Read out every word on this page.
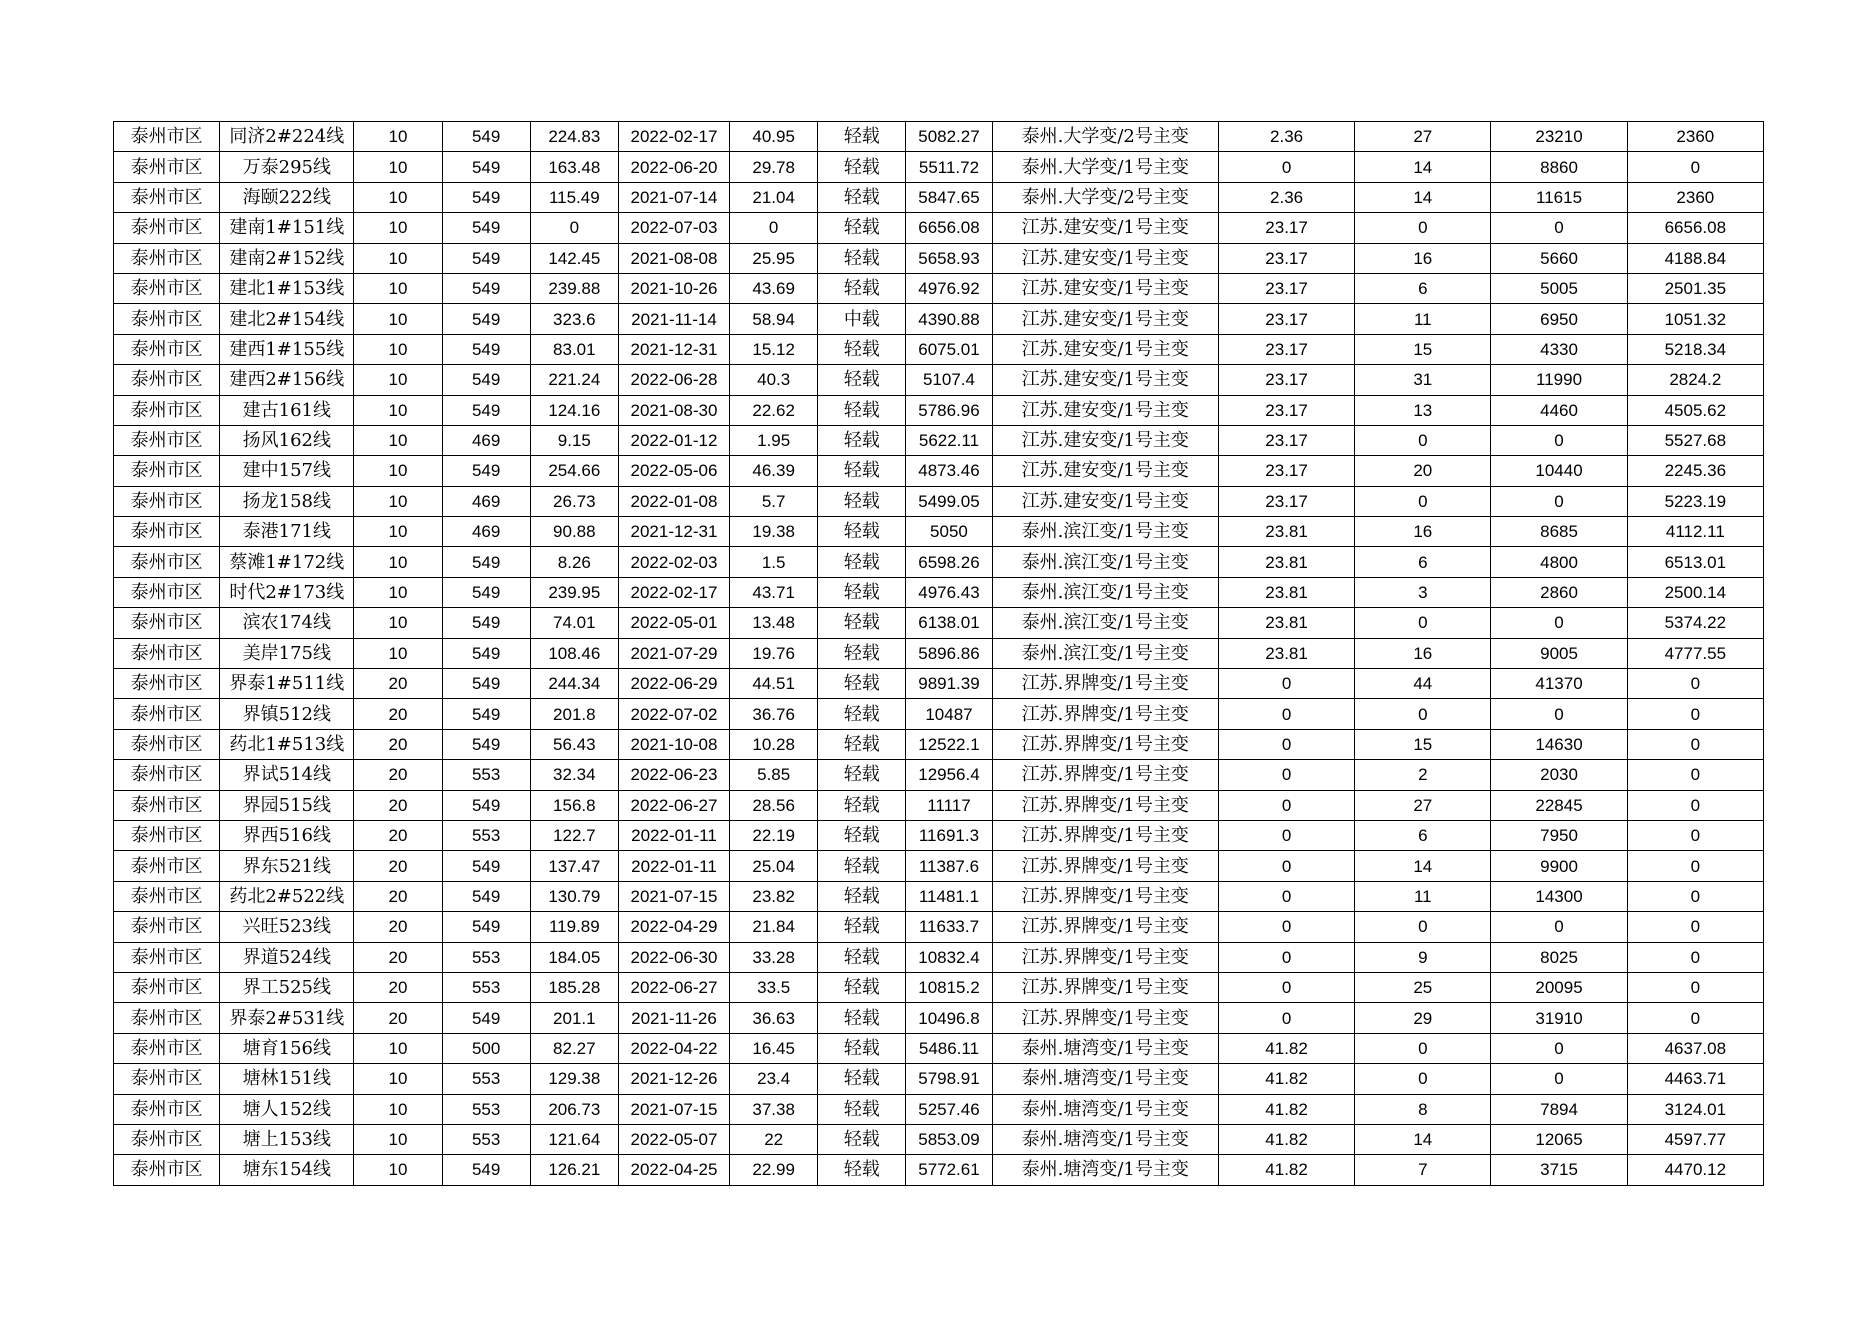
泰州市区	同济2#224线	10	549	224.83	2022-02-17	40.95	轻载	5082.27	泰州.大学变/2号主变	2.36	27	23210	2360
泰州市区	万泰295线	10	549	163.48	2022-06-20	29.78	轻载	5511.72	泰州.大学变/1号主变	0	14	8860	0
泰州市区	海颐222线	10	549	115.49	2021-07-14	21.04	轻载	5847.65	泰州.大学变/2号主变	2.36	14	11615	2360
泰州市区	建南1#151线	10	549	0	2022-07-03	0	轻载	6656.08	江苏.建安变/1号主变	23.17	0	0	6656.08
泰州市区	建南2#152线	10	549	142.45	2021-08-08	25.95	轻载	5658.93	江苏.建安变/1号主变	23.17	16	5660	4188.84
泰州市区	建北1#153线	10	549	239.88	2021-10-26	43.69	轻载	4976.92	江苏.建安变/1号主变	23.17	6	5005	2501.35
泰州市区	建北2#154线	10	549	323.6	2021-11-14	58.94	中载	4390.88	江苏.建安变/1号主变	23.17	11	6950	1051.32
泰州市区	建西1#155线	10	549	83.01	2021-12-31	15.12	轻载	6075.01	江苏.建安变/1号主变	23.17	15	4330	5218.34
泰州市区	建西2#156线	10	549	221.24	2022-06-28	40.3	轻载	5107.4	江苏.建安变/1号主变	23.17	31	11990	2824.2
泰州市区	建古161线	10	549	124.16	2021-08-30	22.62	轻载	5786.96	江苏.建安变/1号主变	23.17	13	4460	4505.62
泰州市区	扬风162线	10	469	9.15	2022-01-12	1.95	轻载	5622.11	江苏.建安变/1号主变	23.17	0	0	5527.68
泰州市区	建中157线	10	549	254.66	2022-05-06	46.39	轻载	4873.46	江苏.建安变/1号主变	23.17	20	10440	2245.36
泰州市区	扬龙158线	10	469	26.73	2022-01-08	5.7	轻载	5499.05	江苏.建安变/1号主变	23.17	0	0	5223.19
泰州市区	泰港171线	10	469	90.88	2021-12-31	19.38	轻载	5050	泰州.滨江变/1号主变	23.81	16	8685	4112.11
泰州市区	蔡滩1#172线	10	549	8.26	2022-02-03	1.5	轻载	6598.26	泰州.滨江变/1号主变	23.81	6	4800	6513.01
泰州市区	时代2#173线	10	549	239.95	2022-02-17	43.71	轻载	4976.43	泰州.滨江变/1号主变	23.81	3	2860	2500.14
泰州市区	滨农174线	10	549	74.01	2022-05-01	13.48	轻载	6138.01	泰州.滨江变/1号主变	23.81	0	0	5374.22
泰州市区	美岸175线	10	549	108.46	2021-07-29	19.76	轻载	5896.86	泰州.滨江变/1号主变	23.81	16	9005	4777.55
泰州市区	界泰1#511线	20	549	244.34	2022-06-29	44.51	轻载	9891.39	江苏.界牌变/1号主变	0	44	41370	0
泰州市区	界镇512线	20	549	201.8	2022-07-02	36.76	轻载	10487	江苏.界牌变/1号主变	0	0	0	0
泰州市区	药北1#513线	20	549	56.43	2021-10-08	10.28	轻载	12522.1	江苏.界牌变/1号主变	0	15	14630	0
泰州市区	界试514线	20	553	32.34	2022-06-23	5.85	轻载	12956.4	江苏.界牌变/1号主变	0	2	2030	0
泰州市区	界园515线	20	549	156.8	2022-06-27	28.56	轻载	11117	江苏.界牌变/1号主变	0	27	22845	0
泰州市区	界西516线	20	553	122.7	2022-01-11	22.19	轻载	11691.3	江苏.界牌变/1号主变	0	6	7950	0
泰州市区	界东521线	20	549	137.47	2022-01-11	25.04	轻载	11387.6	江苏.界牌变/1号主变	0	14	9900	0
泰州市区	药北2#522线	20	549	130.79	2021-07-15	23.82	轻载	11481.1	江苏.界牌变/1号主变	0	11	14300	0
泰州市区	兴旺523线	20	549	119.89	2022-04-29	21.84	轻载	11633.7	江苏.界牌变/1号主变	0	0	0	0
泰州市区	界道524线	20	553	184.05	2022-06-30	33.28	轻载	10832.4	江苏.界牌变/1号主变	0	9	8025	0
泰州市区	界工525线	20	553	185.28	2022-06-27	33.5	轻载	10815.2	江苏.界牌变/1号主变	0	25	20095	0
泰州市区	界泰2#531线	20	549	201.1	2021-11-26	36.63	轻载	10496.8	江苏.界牌变/1号主变	0	29	31910	0
泰州市区	塘育156线	10	500	82.27	2022-04-22	16.45	轻载	5486.11	泰州.塘湾变/1号主变	41.82	0	0	4637.08
泰州市区	塘林151线	10	553	129.38	2021-12-26	23.4	轻载	5798.91	泰州.塘湾变/1号主变	41.82	0	0	4463.71
泰州市区	塘人152线	10	553	206.73	2021-07-15	37.38	轻载	5257.46	泰州.塘湾变/1号主变	41.82	8	7894	3124.01
泰州市区	塘上153线	10	553	121.64	2022-05-07	22	轻载	5853.09	泰州.塘湾变/1号主变	41.82	14	12065	4597.77
泰州市区	塘东154线	10	549	126.21	2022-04-25	22.99	轻载	5772.61	泰州.塘湾变/1号主变	41.82	7	3715	4470.12
